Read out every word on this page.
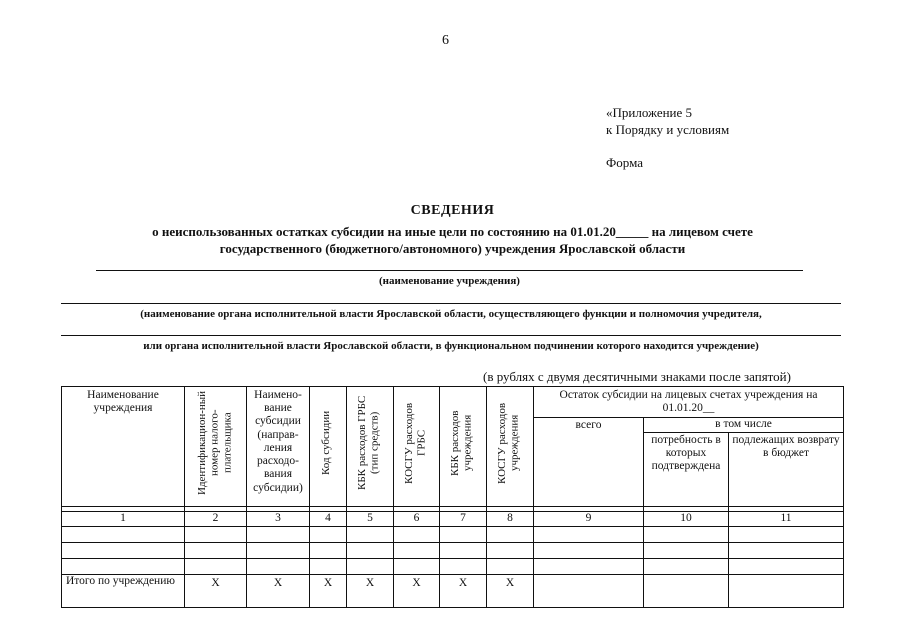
6
«Приложение 5
к Порядку и условиям
Форма
СВЕДЕНИЯ
о неиспользованных остатках субсидии на иные цели по состоянию на 01.01.20_____ на лицевом счете
государственного (бюджетного/автономного) учреждения Ярославской области
(наименование учреждения)
(наименование органа исполнительной власти Ярославской области, осуществляющего функции и полномочия учредителя,
или органа исполнительной власти Ярославской области, в функциональном подчинении которого находится учреждение)
(в рублях с двумя десятичными знаками после запятой)
Наименование учреждения	Идентификацион-ный номер налого-плательщика	Наимено-вание субсидии (направ-ления расходо-вания субсидии)	Код субсидии	КБК расходов ГРБС (тип средств)	КОСГУ расходов ГРБС	КБК расходов учреждения	КОСГУ расходов учреждения	Остаток субсидии на лицевых счетах учреждения на 01.01.20__		
								всего	в том числе	
									потребность в которых подтверждена	подлежащих возврату в бюджет

1	2	3	4	5	6	7	8	9	10	11

Итого по учреждению	X	X	X	X	X	X	X			
